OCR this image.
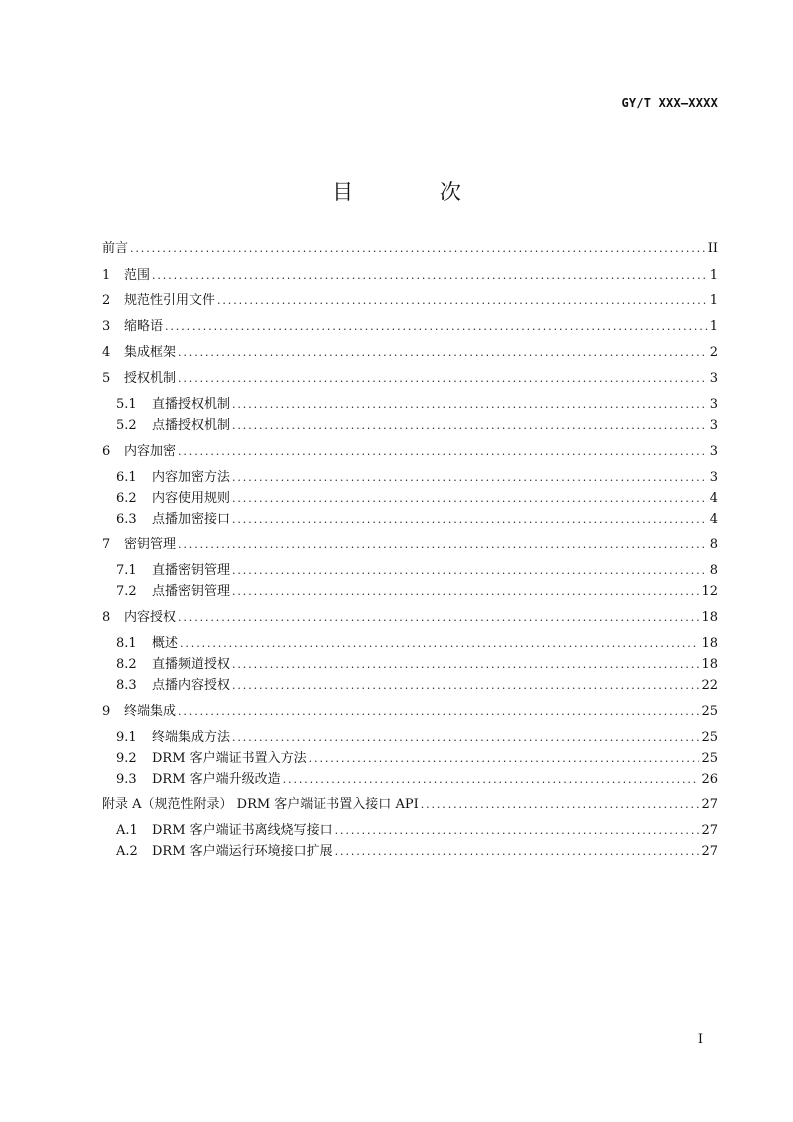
GY/T XXX—XXXX
目 次
前言 .....	II
1	范围 .....	1
2	规范性引用文件 .....	1
3	缩略语 .....	1
4	集成框架 .....	2
5	授权机制 .....	3
5.1	直播授权机制 .....	3
5.2	点播授权机制 .....	3
6	内容加密 .....	3
6.1	内容加密方法 .....	3
6.2	内容使用规则 .....	4
6.3	点播加密接口 .....	4
7	密钥管理 .....	8
7.1	直播密钥管理 .....	8
7.2	点播密钥管理 .....	12
8	内容授权 .....	18
8.1	概述 .....	18
8.2	直播频道授权 .....	18
8.3	点播内容授权 .....	22
9	终端集成 .....	25
9.1	终端集成方法 .....	25
9.2	DRM 客户端证书置入方法 .....	25
9.3	DRM 客户端升级改造 .....	26
附录 A（规范性附录） DRM 客户端证书置入接口 API .....	27
A.1	DRM 客户端证书离线烧写接口 .....	27
A.2	DRM 客户端运行环境接口扩展 .....	27
I
